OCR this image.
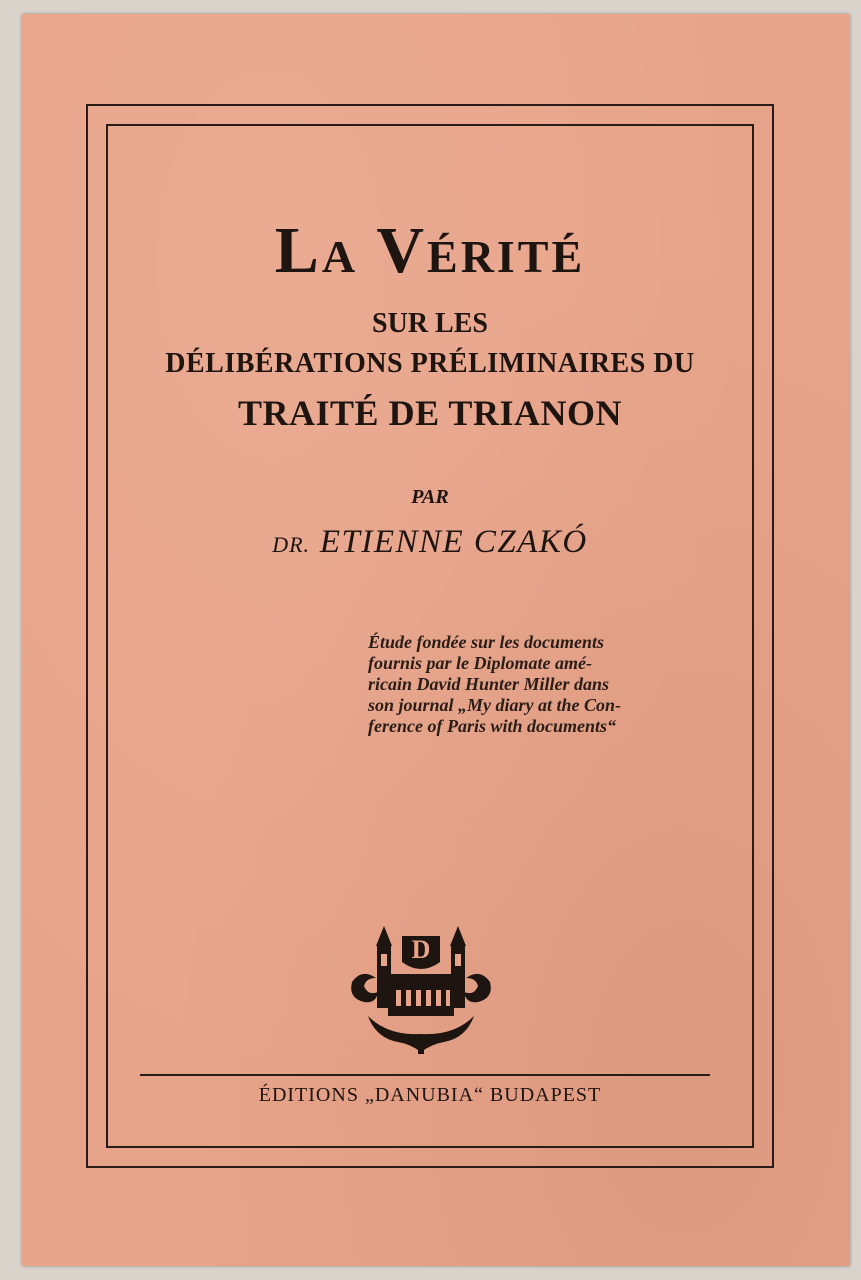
La Vérité
SUR LES
DÉLIBÉRATIONS PRÉLIMINAIRES DU
TRAITÉ DE TRIANON
PAR
DR. ETIENNE CZAKÓ
Étude fondée sur les documents
fournis par le Diplomate amé-
ricain David Hunter Miller dans
son journal „My diary at the Con-
ference of Paris with documents“
D
ÉDITIONS „DANUBIA“ BUDAPEST
